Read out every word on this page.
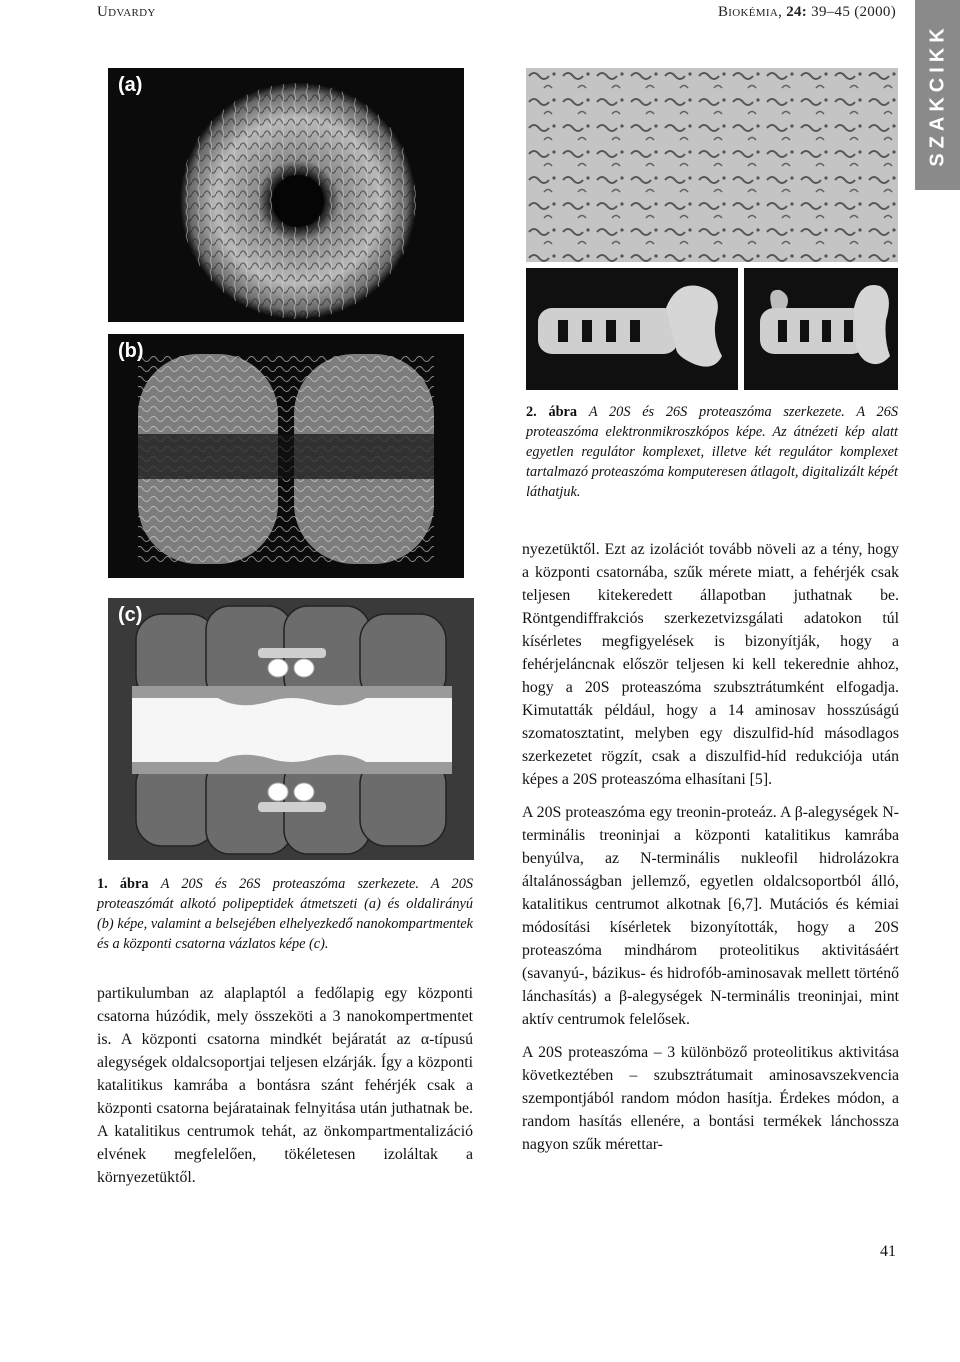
Udvardy	Biokémia, 24: 39–45 (2000)
SZAKCIKK
(a)
(b)
(c)
2. ábra A 20S és 26S proteaszóma szerkezete. A 26S proteaszóma elektronmikroszkópos képe. Az átnézeti kép alatt egyetlen regulátor komplexet, illetve két regulátor komplexet tartalmazó proteaszóma komputeresen átlagolt, digitalizált képét láthatjuk.
1. ábra A 20S és 26S proteaszóma szerkezete. A 20S proteaszómát alkotó polipeptidek átmetszeti (a) és oldalirányú (b) képe, valamint a belsejében elhelyezkedő nanokompartmentek és a központi csatorna vázlatos képe (c).

partikulumban az alaplaptól a fedőlapig egy központi csatorna húzódik, mely összeköti a 3 nanokompertmentet is. A központi csatorna mindkét bejáratát az α-típusú alegységek oldalcsoportjai teljesen elzárják. Így a központi katalitikus kamrába a bontásra szánt fehérjék csak a központi csatorna bejáratainak felnyitása után juthatnak be. A katalitikus centrumok tehát, az önkompartmentalizáció elvének megfelelően, tökéletesen izoláltak a környezetüktől.

nyezetüktől. Ezt az izolációt tovább növeli az a tény, hogy a központi csatornába, szűk mérete miatt, a fehérjék csak teljesen kitekeredett állapotban juthatnak be. Röntgendiffrakciós szerkezetvizsgálati adatokon túl kísérletes megfigyelések is bizonyítják, hogy a fehérjeláncnak először teljesen ki kell tekerednie ahhoz, hogy a 20S proteaszóma szubsztrátumként elfogadja. Kimutatták például, hogy a 14 aminosav hosszúságú szomatosztatint, melyben egy diszulfid-híd másodlagos szerkezetet rögzít, csak a diszulfid-híd redukciója után képes a 20S proteaszóma elhasítani [5].

A 20S proteaszóma egy treonin-proteáz. A β-alegységek N-terminális treoninjai a központi katalitikus kamrába benyúlva, az N-terminális nukleofil hidrolázokra általánosságban jellemző, egyetlen oldalcsoportból álló, katalitikus centrumot alkotnak [6,7]. Mutációs és kémiai módosítási kísérletek bizonyították, hogy a 20S proteaszóma mindhárom proteolitikus aktivitásáért (savanyú-, bázikus- és hidrofób-aminosavak mellett történő lánchasítás) a β-alegységek N-terminális treoninjai, mint aktív centrumok felelősek.

A 20S proteaszóma – 3 különböző proteolitikus aktivitása következtében – szubsztrátumait aminosavszekvencia szempontjából random módon hasítja. Érdekes módon, a random hasítás ellenére, a bontási termékek lánchossza nagyon szűk mérettar-

41
